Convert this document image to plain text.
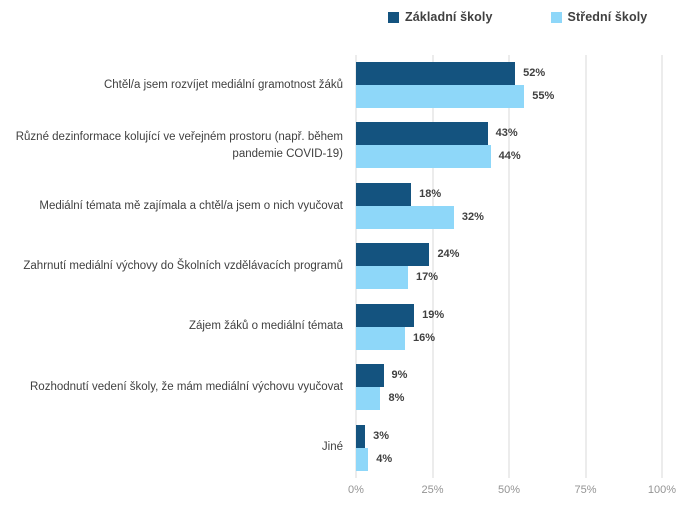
Základní školy	Střední školy
Chtěl/a jsem rozvíjet mediální gramotnost žáků
52%
55%
Různé dezinformace kolující ve veřejném prostoru (např. během pandemie COVID-19)
43%
44%
Mediální témata mě zajímala a chtěl/a jsem o nich vyučovat
18%
32%
Zahrnutí mediální výchovy do Školních vzdělávacích programů
24%
17%
Zájem žáků o mediální témata
19%
16%
Rozhodnutí vedení školy, že mám mediální výchovu vyučovat
9%
8%
Jiné
3%
4%
0%	25%	50%	75%	100%
